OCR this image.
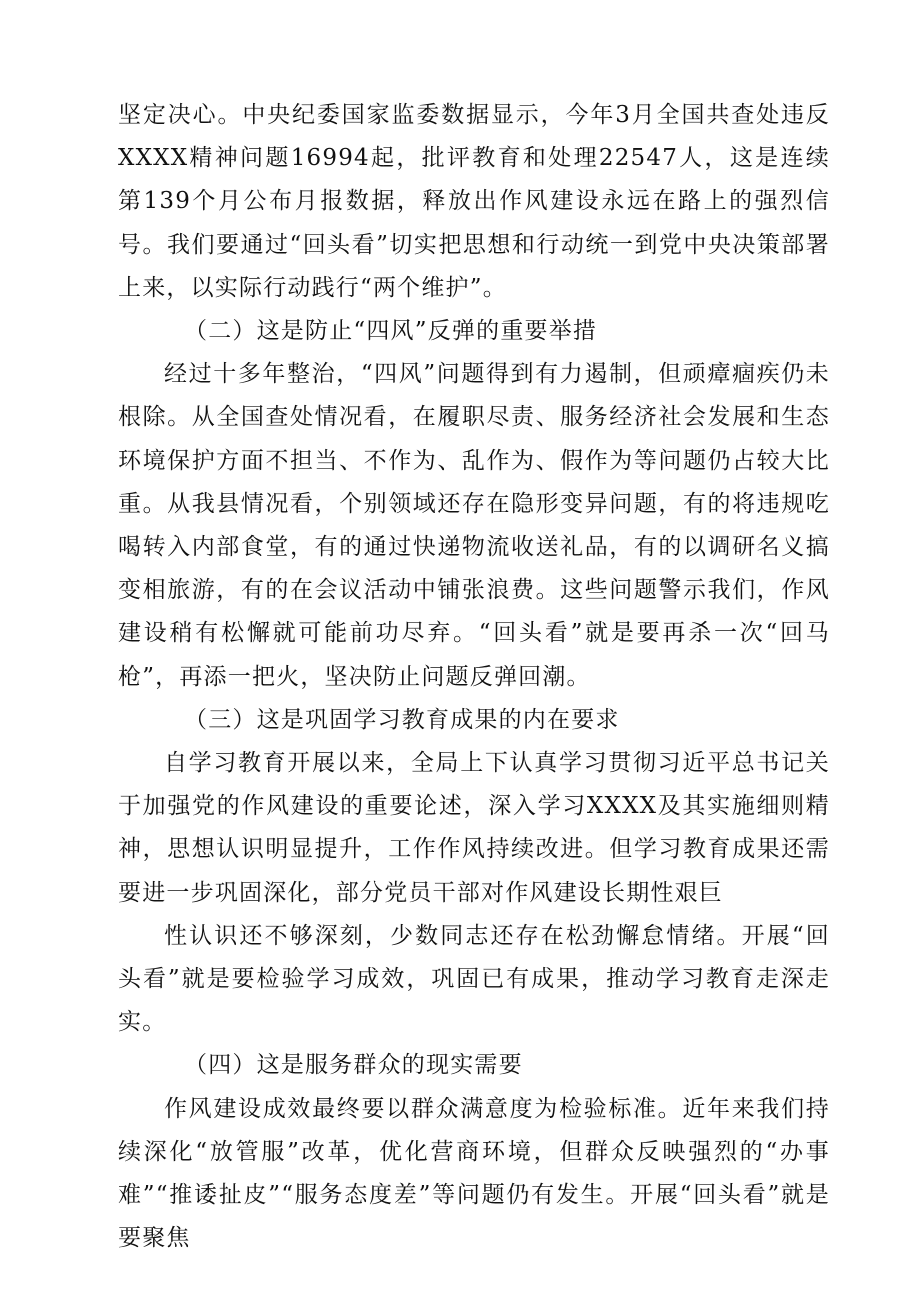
坚定决心。中央纪委国家监委数据显示，今年3月全国共查处违反XXXX精神问题16994起，批评教育和处理22547人，这是连续第139个月公布月报数据，释放出作风建设永远在路上的强烈信号。我们要通过“回头看”切实把思想和行动统一到党中央决策部署上来，以实际行动践行“两个维护”。

（二）这是防止“四风”反弹的重要举措

经过十多年整治，“四风”问题得到有力遏制，但顽瘴痼疾仍未根除。从全国查处情况看，在履职尽责、服务经济社会发展和生态环境保护方面不担当、不作为、乱作为、假作为等问题仍占较大比重。从我县情况看，个别领域还存在隐形变异问题，有的将违规吃喝转入内部食堂，有的通过快递物流收送礼品，有的以调研名义搞变相旅游，有的在会议活动中铺张浪费。这些问题警示我们，作风建设稍有松懈就可能前功尽弃。“回头看”就是要再杀一次“回马枪”，再添一把火，坚决防止问题反弹回潮。

（三）这是巩固学习教育成果的内在要求

自学习教育开展以来，全局上下认真学习贯彻习近平总书记关于加强党的作风建设的重要论述，深入学习XXXX及其实施细则精神，思想认识明显提升，工作作风持续改进。但学习教育成果还需要进一步巩固深化，部分党员干部对作风建设长期性艰巨

性认识还不够深刻，少数同志还存在松劲懈怠情绪。开展“回头看”就是要检验学习成效，巩固已有成果，推动学习教育走深走实。

（四）这是服务群众的现实需要

作风建设成效最终要以群众满意度为检验标准。近年来我们持续深化“放管服”改革，优化营商环境，但群众反映强烈的“办事难”“推诿扯皮”“服务态度差”等问题仍有发生。开展“回头看”就是要聚焦
